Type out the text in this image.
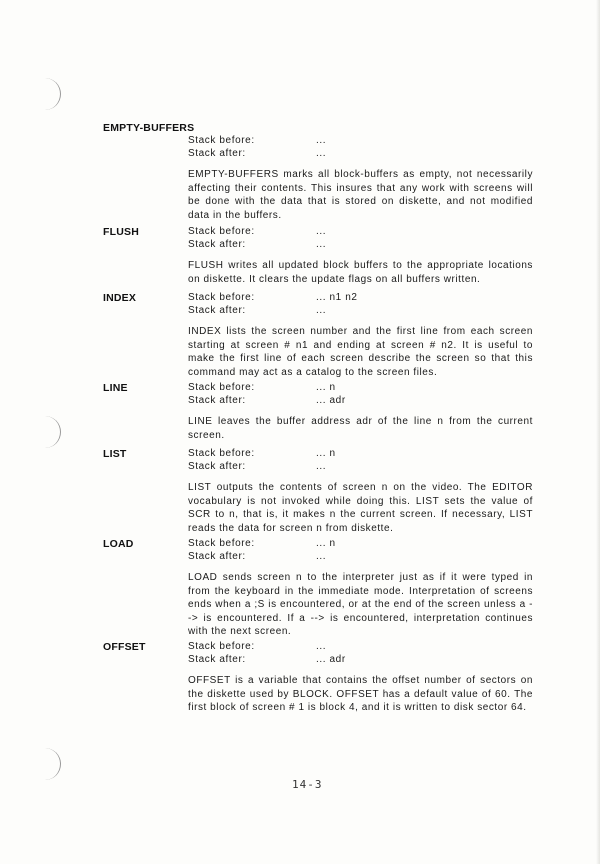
EMPTY-BUFFERS
Stack before:	...
Stack after:	...
EMPTY-BUFFERS marks all block-buffers as empty, not necessarily affecting their contents. This insures that any work with screens will be done with the data that is stored on diskette, and not modified data in the buffers.
FLUSH	Stack before:	...
Stack after:	...
FLUSH writes all updated block buffers to the appropriate locations on diskette. It clears the update flags on all buffers written.
INDEX	Stack before:	... n1 n2
Stack after:	...
INDEX lists the screen number and the first line from each screen starting at screen # n1 and ending at screen # n2. It is useful to make the first line of each screen describe the screen so that this command may act as a catalog to the screen files.
LINE	Stack before:	... n
Stack after:	... adr
LINE leaves the buffer address adr of the line n from the current screen.
LIST	Stack before:	... n
Stack after:	...
LIST outputs the contents of screen n on the video. The EDITOR vocabulary is not invoked while doing this. LIST sets the value of SCR to n, that is, it makes n the current screen. If necessary, LIST reads the data for screen n from diskette.
LOAD	Stack before:	... n
Stack after:	...
LOAD sends screen n to the interpreter just as if it were typed in from the keyboard in the immediate mode. Interpretation of screens ends when a ;S is encountered, or at the end of the screen unless a --> is encountered. If a --> is encountered, interpretation continues with the next screen.
OFFSET	Stack before:	...
Stack after:	... adr
OFFSET is a variable that contains the offset number of sectors on the diskette used by BLOCK. OFFSET has a default value of 60. The first block of screen # 1 is block 4, and it is written to disk sector 64.
14-3
